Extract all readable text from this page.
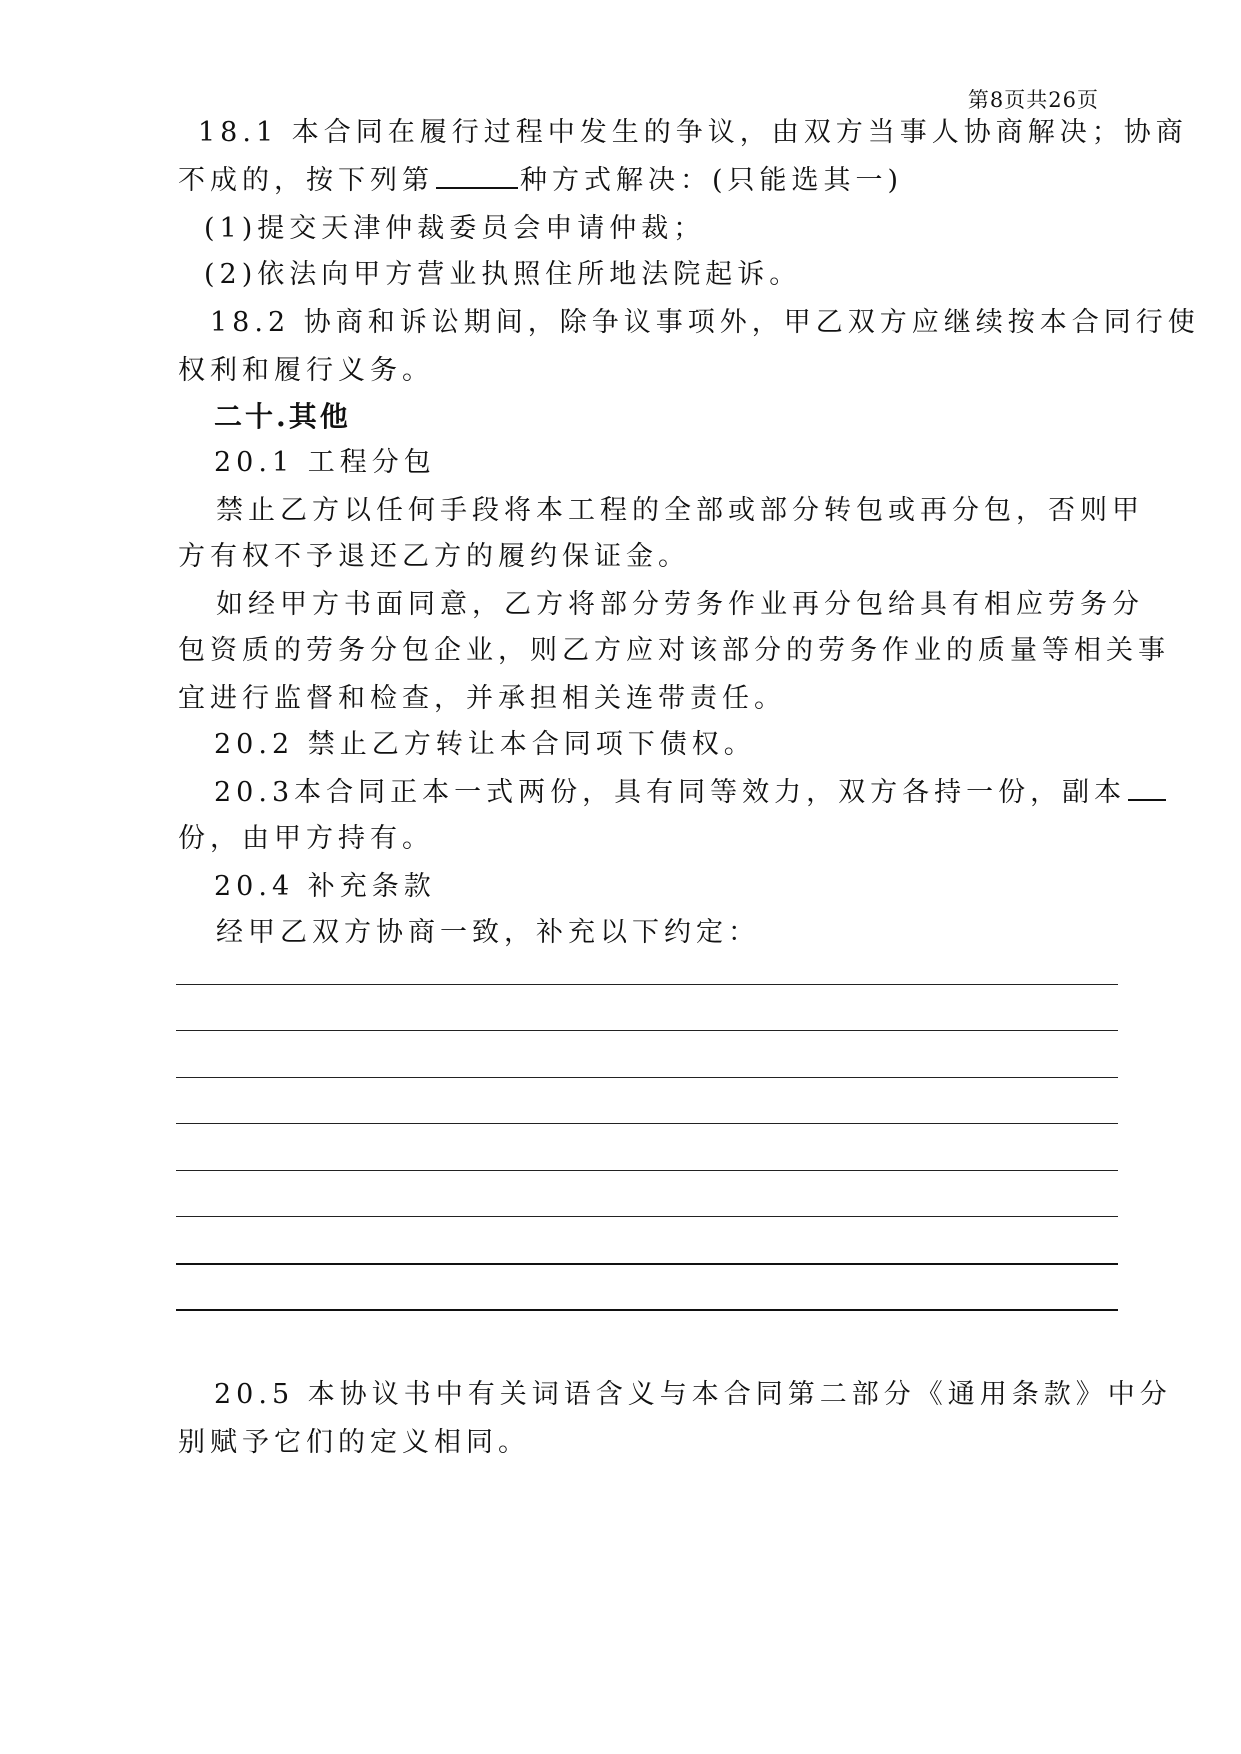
第8页共26页
18.1 本合同在履行过程中发生的争议，由双方当事人协商解决；协商
不成的，按下列第	种方式解决：(只能选其一)
(1)提交天津仲裁委员会申请仲裁；
(2)依法向甲方营业执照住所地法院起诉。
18.2 协商和诉讼期间，除争议事项外，甲乙双方应继续按本合同行使
权利和履行义务。
二十.其他
20.1 工程分包
禁止乙方以任何手段将本工程的全部或部分转包或再分包，否则甲
方有权不予退还乙方的履约保证金。
如经甲方书面同意，乙方将部分劳务作业再分包给具有相应劳务分
包资质的劳务分包企业，则乙方应对该部分的劳务作业的质量等相关事
宜进行监督和检查，并承担相关连带责任。
20.2 禁止乙方转让本合同项下债权。
20.3本合同正本一式两份，具有同等效力，双方各持一份，副本
份，由甲方持有。
20.4 补充条款
经甲乙双方协商一致，补充以下约定：
20.5 本协议书中有关词语含义与本合同第二部分《通用条款》中分
别赋予它们的定义相同。
